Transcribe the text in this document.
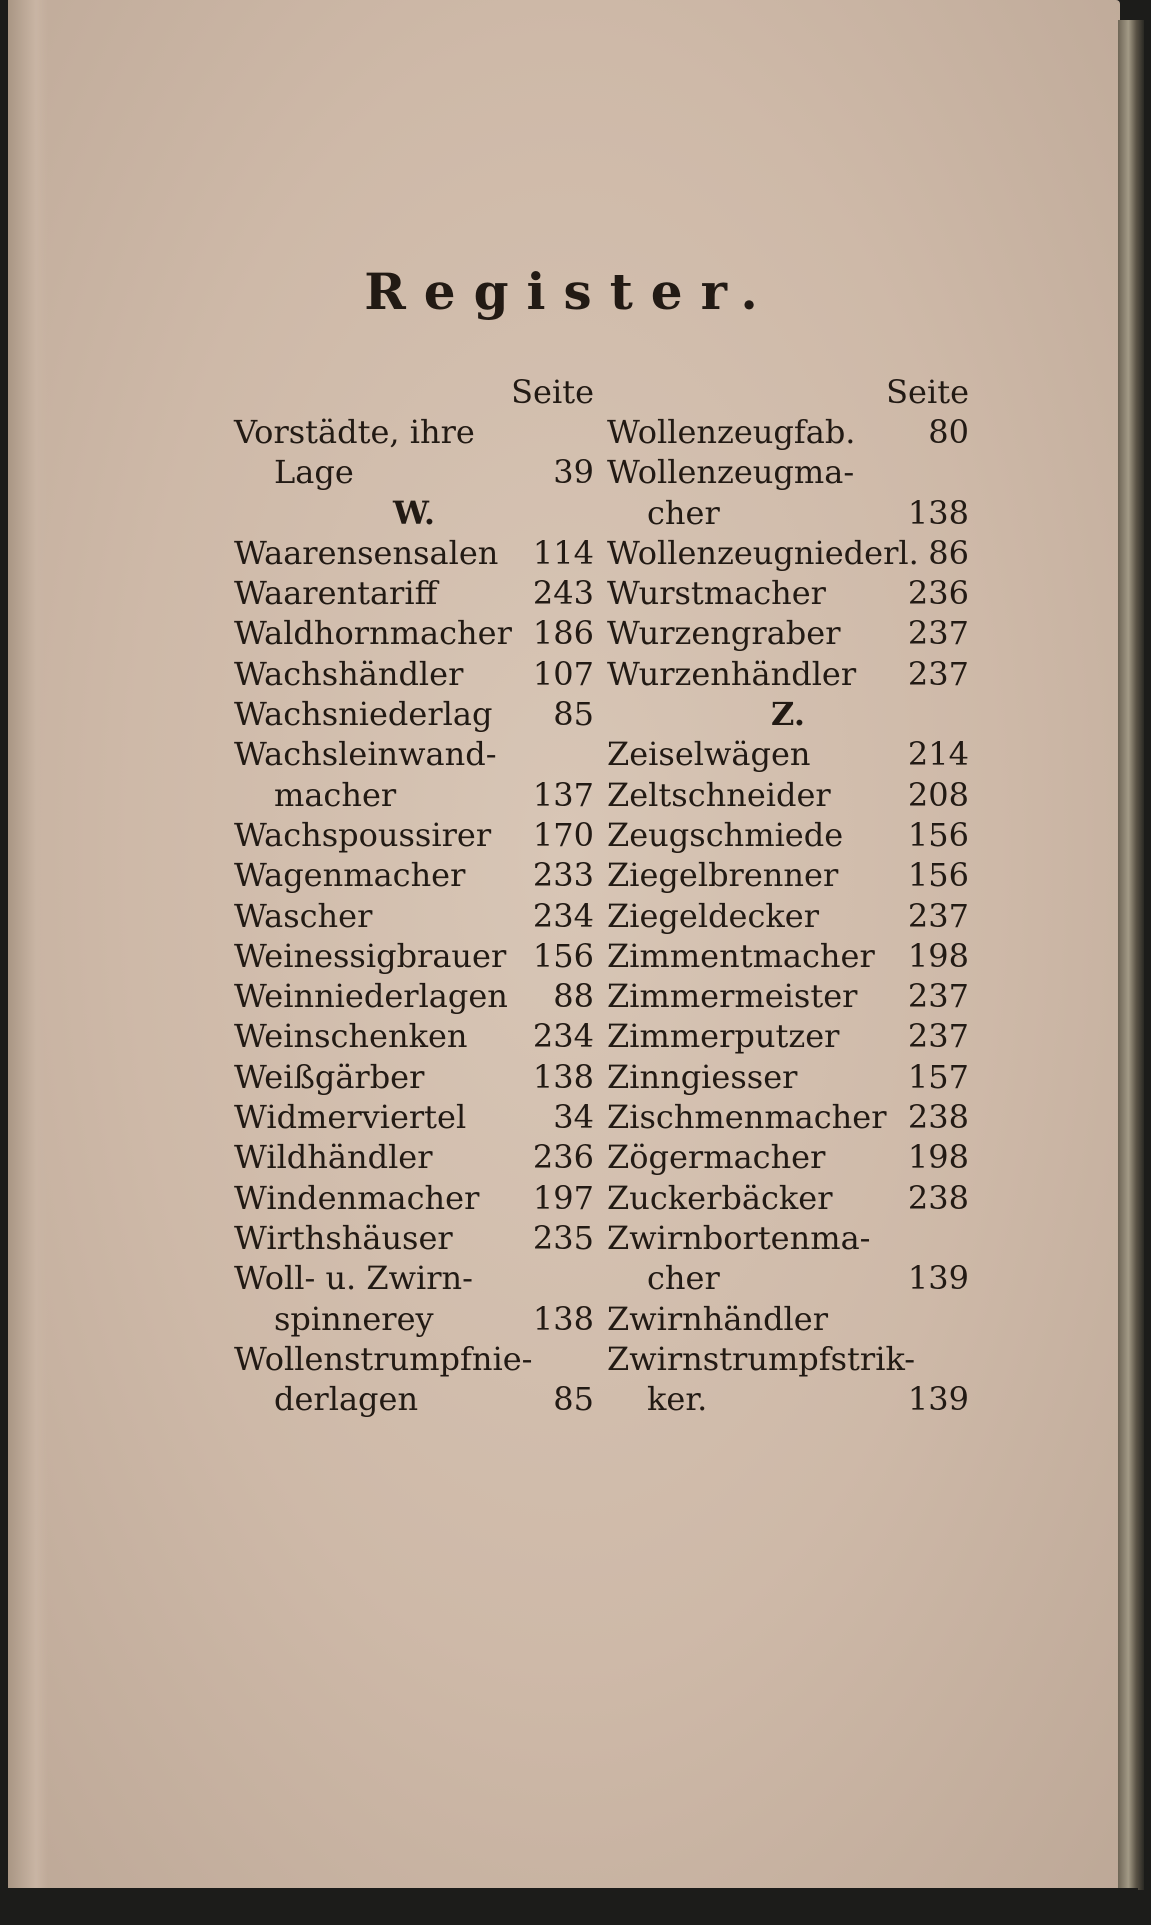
Register.
Seite
Vorstädte, ihre
Lage	39
W.
Waarensensalen 114
Waarentariff	243
Waldhornmacher 186
Wachshändler 107
Wachsniederlag 85
Wachsleinwand-
macher	137
Wachspoussirer 170
Wagenmacher 233
Wascher	234
Weinessigbrauer 156
Weinniederlagen 88
Weinschenken 234
Weißgärber	138
Widmerviertel	34
Wildhändler	236
Windenmacher 197
Wirthshäuser	235
Woll- u. Zwirn-
spinnerey	138
Wollenstrumpfnie-
derlagen	85
Seite
Wollenzeugfab. 80
Wollenzeugma-
cher	138
Wollenzeugniederl. 86
Wurstmacher	236
Wurzengraber 237
Wurzenhändler 237
Z.
Zeiselwägen	214
Zeltschneider 208
Zeugschmiede 156
Ziegelbrenner 156
Ziegeldecker	237
Zimmentmacher 198
Zimmermeister 237
Zimmerputzer 237
Zinngiesser	157
Zischmenmacher 238
Zögermacher	198
Zuckerbäcker 238
Zwirnbortenma-
cher	139
Zwirnhändler
Zwirnstrumpfstrik-
ker.	139
